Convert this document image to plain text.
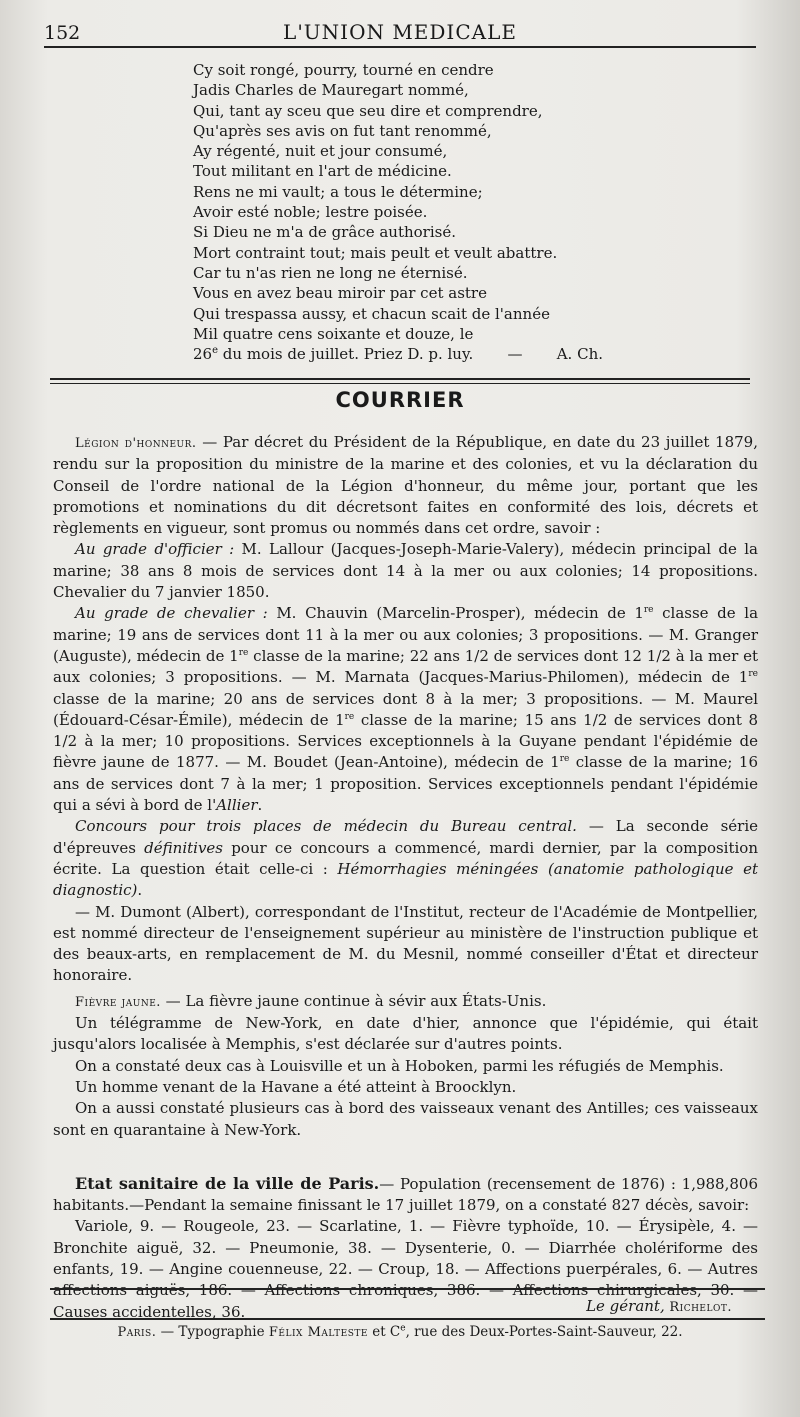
152	L'UNION MEDICALE
Cy soit rongé, pourry, tourné en cendre
Jadis Charles de Mauregart nommé,
Qui, tant ay sceu que seu dire et comprendre,
Qu'après ses avis on fut tant renommé,
Ay régenté, nuit et jour consumé,
Tout militant en l'art de médicine.
Rens ne mi vault; a tous le détermine;
Avoir esté noble; lestre poisée.
Si Dieu ne m'a de grâce authorisé.
Mort contraint tout; mais peult et veult abattre.
Car tu n'as rien ne long ne éternisé.
Vous en avez beau miroir par cet astre
Qui trespassa aussy, et chacun scait de l'année
Mil quatre cens soixante et douze, le
26e du mois de juillet. Priez D. p. luy. — A. Ch.
COURRIER

Légion d'honneur. — Par décret du Président de la République, en date du 23 juillet 1879, rendu sur la proposition du ministre de la marine et des colonies, et vu la déclaration du Conseil de l'ordre national de la Légion d'honneur, du même jour, portant que les promotions et nominations du dit décretsont faites en conformité des lois, décrets et règlements en vigueur, sont promus ou nommés dans cet ordre, savoir :

Au grade d'officier : M. Lallour (Jacques-Joseph-Marie-Valery), médecin principal de la marine; 38 ans 8 mois de services dont 14 à la mer ou aux colonies; 14 propositions. Chevalier du 7 janvier 1850.

Au grade de chevalier : M. Chauvin (Marcelin-Prosper), médecin de 1re classe de la marine; 19 ans de services dont 11 à la mer ou aux colonies; 3 propositions. — M. Granger (Auguste), médecin de 1re classe de la marine; 22 ans 1/2 de services dont 12 1/2 à la mer et aux colonies; 3 propositions. — M. Marnata (Jacques-Marius-Philomen), médecin de 1re classe de la marine; 20 ans de services dont 8 à la mer; 3 propositions. — M. Maurel (Édouard-César-Émile), médecin de 1re classe de la marine; 15 ans 1/2 de services dont 8 1/2 à la mer; 10 propositions. Services exceptionnels à la Guyane pendant l'épidémie de fièvre jaune de 1877. — M. Boudet (Jean-Antoine), médecin de 1re classe de la marine; 16 ans de services dont 7 à la mer; 1 proposition. Services exceptionnels pendant l'épidémie qui a sévi à bord de l'Allier.

Concours pour trois places de médecin du Bureau central. — La seconde série d'épreuves définitives pour ce concours a commencé, mardi dernier, par la composition écrite. La question était celle-ci : Hémorrhagies méningées (anatomie pathologique et diagnostic).

— M. Dumont (Albert), correspondant de l'Institut, recteur de l'Académie de Montpellier, est nommé directeur de l'enseignement supérieur au ministère de l'instruction publique et des beaux-arts, en remplacement de M. du Mesnil, nommé conseiller d'État et directeur honoraire.

Fièvre jaune. — La fièvre jaune continue à sévir aux États-Unis.

Un télégramme de New-York, en date d'hier, annonce que l'épidémie, qui était jusqu'alors localisée à Memphis, s'est déclarée sur d'autres points.

On a constaté deux cas à Louisville et un à Hoboken, parmi les réfugiés de Memphis.

Un homme venant de la Havane a été atteint à Broocklyn.

On a aussi constaté plusieurs cas à bord des vaisseaux venant des Antilles; ces vaisseaux sont en quarantaine à New-York.

Etat sanitaire de la ville de Paris.— Population (recensement de 1876) : 1,988,806 habitants.—Pendant la semaine finissant le 17 juillet 1879, on a constaté 827 décès, savoir:

Variole, 9. — Rougeole, 23. — Scarlatine, 1. — Fièvre typhoïde, 10. — Érysipèle, 4. — Bronchite aiguë, 32. — Pneumonie, 38. — Dysenterie, 0. — Diarrhée cholériforme des enfants, 19. — Angine couenneuse, 22. — Croup, 18. — Affections puerpérales, 6. — Autres affections aiguës, 186. — Affections chroniques, 386. — Affections chirurgicales, 30. — Causes accidentelles, 36.	Le gérant, Richelot.
Paris. — Typographie Félix Malteste et Ce, rue des Deux-Portes-Saint-Sauveur, 22.
